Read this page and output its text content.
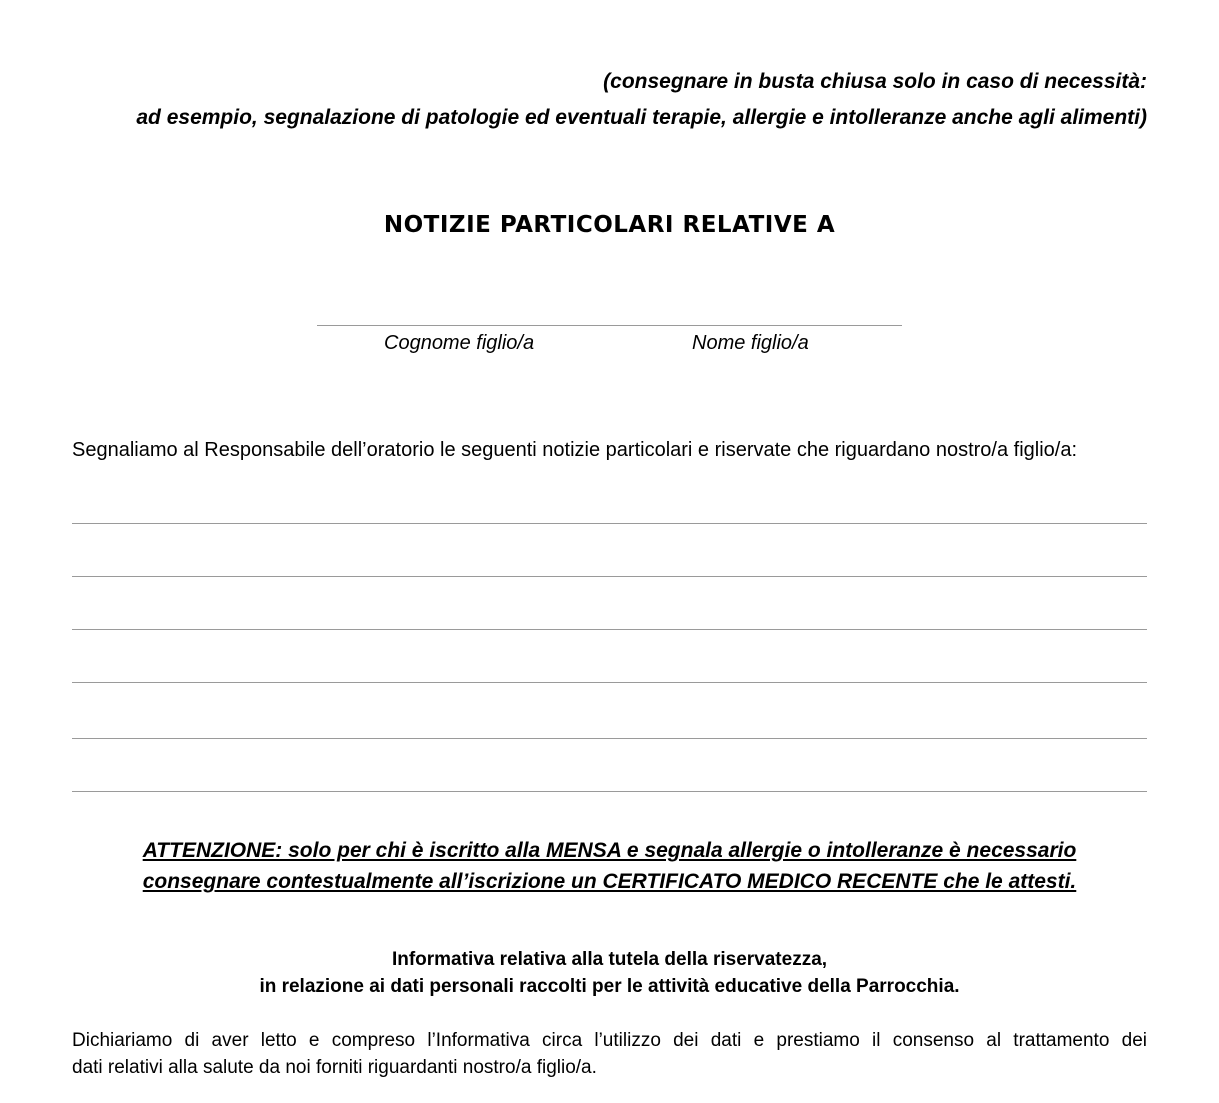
(consegnare in busta chiusa solo in caso di necessità:
ad esempio, segnalazione di patologie ed eventuali terapie, allergie e intolleranze anche agli alimenti)
NOTIZIE PARTICOLARI RELATIVE A
Cognome figlio/a	Nome figlio/a
Segnaliamo al Responsabile dell’oratorio le seguenti notizie particolari e riservate che riguardano nostro/a figlio/a:
ATTENZIONE: solo per chi è iscritto alla MENSA e segnala allergie o intolleranze è necessario
consegnare contestualmente all’iscrizione un CERTIFICATO MEDICO RECENTE che le attesti.
Informativa relativa alla tutela della riservatezza,
in relazione ai dati personali raccolti per le attività educative della Parrocchia.
Dichiariamo di aver letto e compreso l’Informativa circa l’utilizzo dei dati e prestiamo il consenso al trattamento dei
dati relativi alla salute da noi forniti riguardanti nostro/a figlio/a.
